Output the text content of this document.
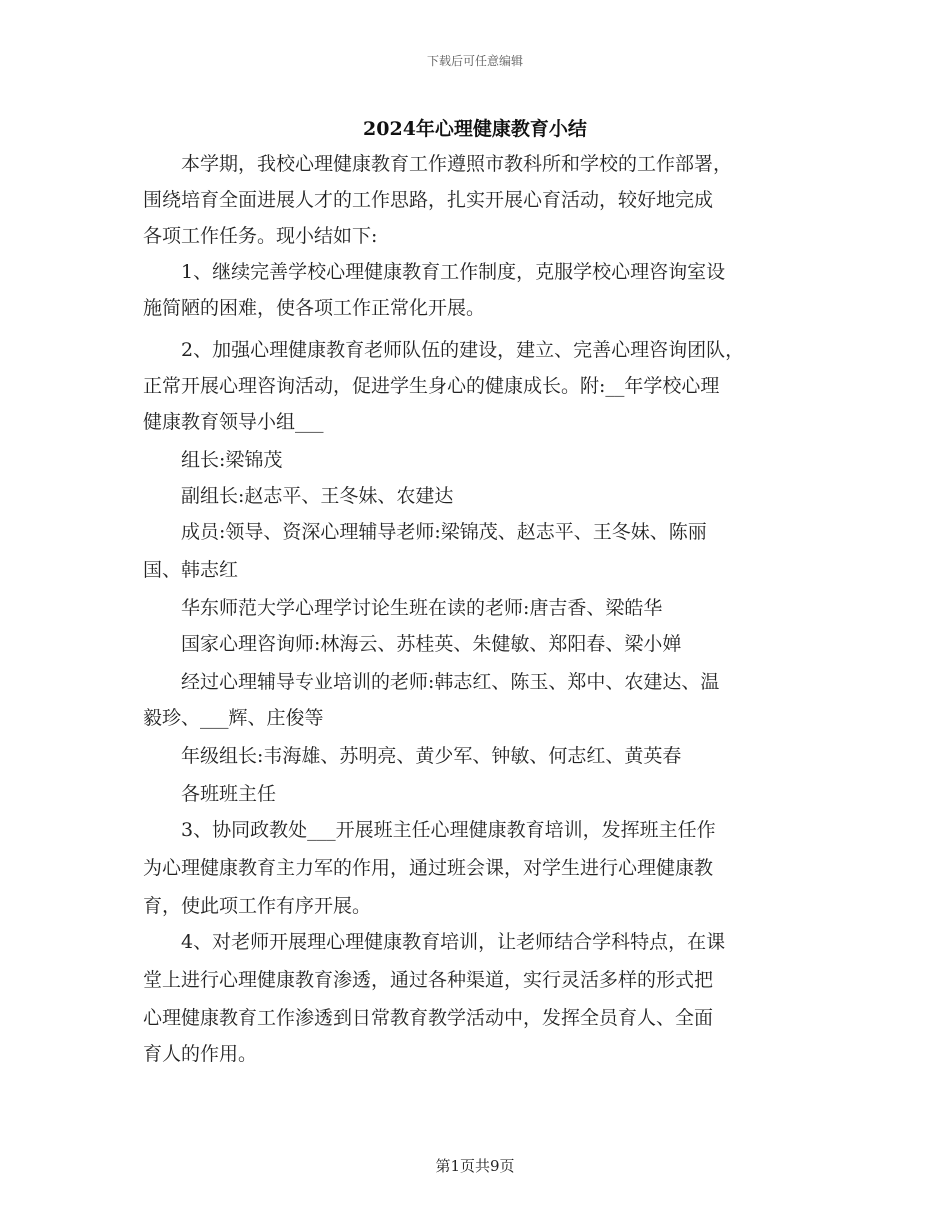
下载后可任意编辑
2024年心理健康教育小结
　　本学期，我校心理健康教育工作遵照市教科所和学校的工作部署，
围绕培育全面进展人才的工作思路，扎实开展心育活动，较好地完成
各项工作任务。现小结如下:
　　1、继续完善学校心理健康教育工作制度，克服学校心理咨询室设
施简陋的困难，使各项工作正常化开展。
　　2、加强心理健康教育老师队伍的建设，建立、完善心理咨询团队，
正常开展心理咨询活动，促进学生身心的健康成长。附:__年学校心理
健康教育领导小组___
　　组长:梁锦茂
　　副组长:赵志平、王冬妹、农建达
　　成员:领导、资深心理辅导老师:梁锦茂、赵志平、王冬妹、陈丽
国、韩志红
　　华东师范大学心理学讨论生班在读的老师:唐吉香、梁皓华
　　国家心理咨询师:林海云、苏桂英、朱健敏、郑阳春、梁小婵
　　经过心理辅导专业培训的老师:韩志红、陈玉、郑中、农建达、温
毅珍、___辉、庄俊等
　　年级组长:韦海雄、苏明亮、黄少军、钟敏、何志红、黄英春
　　各班班主任
　　3、协同政教处___开展班主任心理健康教育培训，发挥班主任作
为心理健康教育主力军的作用，通过班会课，对学生进行心理健康教
育，使此项工作有序开展。
　　4、对老师开展理心理健康教育培训，让老师结合学科特点，在课
堂上进行心理健康教育渗透，通过各种渠道，实行灵活多样的形式把
心理健康教育工作渗透到日常教育教学活动中，发挥全员育人、全面
育人的作用。
第1页共9页
